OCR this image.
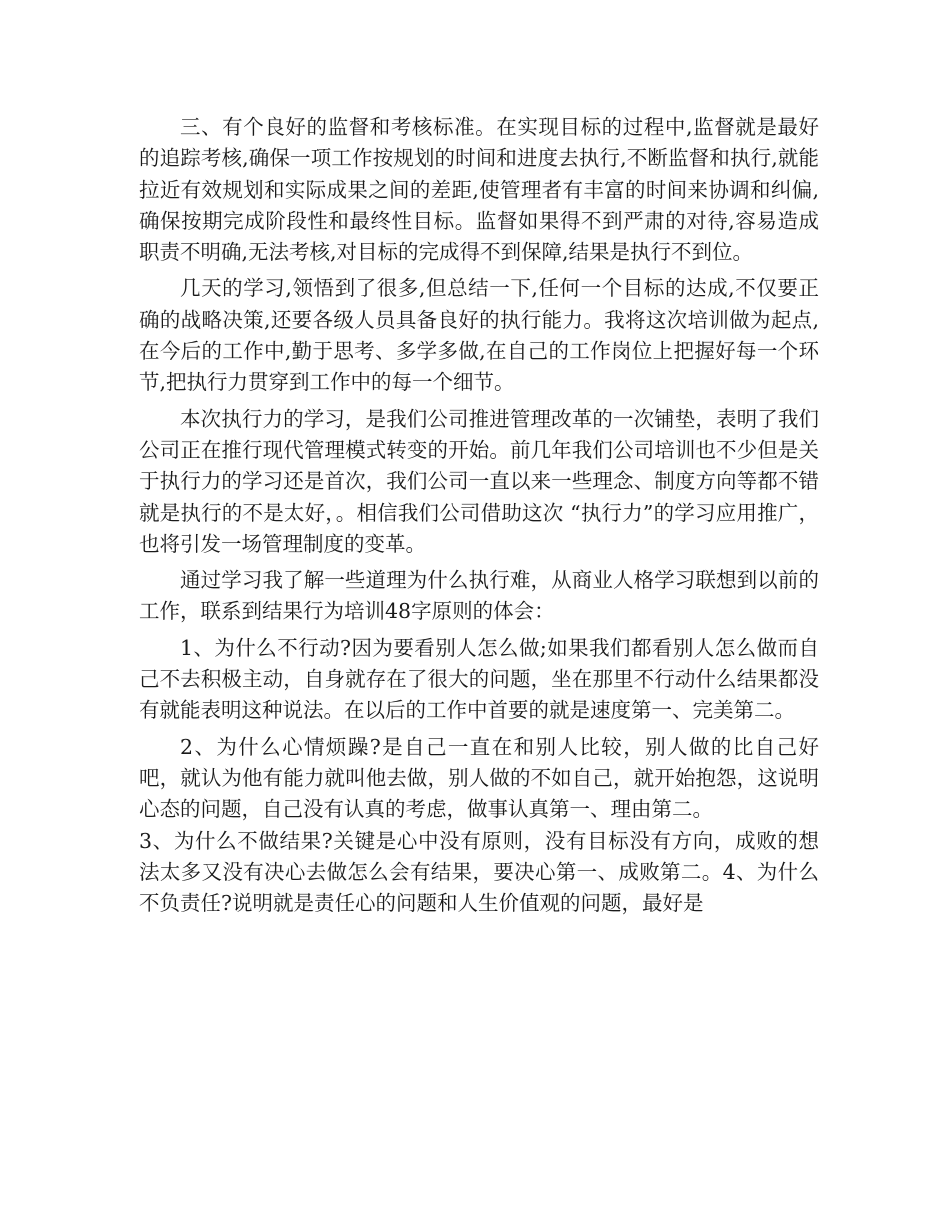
三、有个良好的监督和考核标准。在实现目标的过程中,监督就是最好的追踪考核,确保一项工作按规划的时间和进度去执行,不断监督和执行,就能拉近有效规划和实际成果之间的差距,使管理者有丰富的时间来协调和纠偏,确保按期完成阶段性和最终性目标。监督如果得不到严肃的对待,容易造成职责不明确,无法考核,对目标的完成得不到保障,结果是执行不到位。

几天的学习,领悟到了很多,但总结一下,任何一个目标的达成,不仅要正确的战略决策,还要各级人员具备良好的执行能力。我将这次培训做为起点,在今后的工作中,勤于思考、多学多做,在自己的工作岗位上把握好每一个环节,把执行力贯穿到工作中的每一个细节。

本次执行力的学习，是我们公司推进管理改革的一次铺垫，表明了我们公司正在推行现代管理模式转变的开始。前几年我们公司培训也不少但是关于执行力的学习还是首次，我们公司一直以来一些理念、制度方向等都不错就是执行的不是太好，。相信我们公司借助这次 “执行力”的学习应用推广，也将引发一场管理制度的变革。

通过学习我了解一些道理为什么执行难，从商业人格学习联想到以前的工作，联系到结果行为培训48字原则的体会：

1、为什么不行动?因为要看别人怎么做;如果我们都看别人怎么做而自己不去积极主动，自身就存在了很大的问题，坐在那里不行动什么结果都没有就能表明这种说法。在以后的工作中首要的就是速度第一、完美第二。

2、为什么心情烦躁?是自己一直在和别人比较，别人做的比自己好吧，就认为他有能力就叫他去做，别人做的不如自己，就开始抱怨，这说明心态的问题，自己没有认真的考虑，做事认真第一、理由第二。

3、为什么不做结果?关键是心中没有原则，没有目标没有方向，成败的想法太多又没有决心去做怎么会有结果，要决心第一、成败第二。4、为什么不负责任?说明就是责任心的问题和人生价值观的问题，最好是
